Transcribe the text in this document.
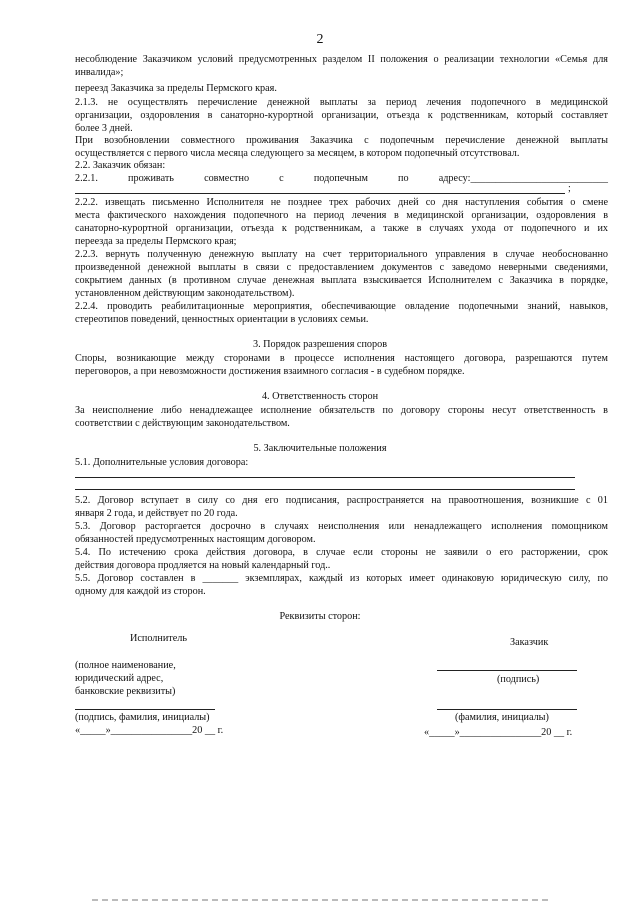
2
несоблюдение Заказчиком условий предусмотренных разделом II положения о реализации технологии «Семья для
инвалида»;
переезд Заказчика за пределы Пермского края.
2.1.3. не осуществлять перечисление денежной выплаты за период лечения подопечного в медицинской
организации, оздоровления в санаторно-курортной организации, отъезда к родственникам, который составляет
более 3 дней.
При возобновлении совместного проживания Заказчика с подопечным перечисление денежной выплаты
осуществляется с первого числа месяца следующего за месяцем, в котором подопечный отсутствовал.
2.2. Заказчик обязан:
2.2.1.	проживать	совместно	с	подопечным	по	адресу:___________________________
;
2.2.2. извещать письменно Исполнителя не позднее трех рабочих дней со дня наступления события о смене
места фактического нахождения подопечного на период лечения в медицинской организации, оздоровления в
санаторно-курортной организации, отъезда к родственникам, а также в случаях ухода от подопечного и их
переезда за пределы Пермского края;
2.2.3. вернуть полученную денежную выплату на счет территориального управления в случае необоснованно
произведенной денежной выплаты в связи с предоставлением документов с заведомо неверными сведениями,
сокрытием данных (в противном случае денежная выплата взыскивается Исполнителем с Заказчика в порядке,
установленном действующим законодательством).
2.2.4. проводить реабилитационные мероприятия, обеспечивающие овладение подопечными знаний, навыков,
стереотипов поведений, ценностных ориентации в условиях семьи.
3. Порядок разрешения споров
Споры, возникающие между сторонами в процессе исполнения настоящего договора, разрешаются путем
переговоров, а при невозможности достижения взаимного согласия - в судебном порядке.
4. Ответственность сторон
За неисполнение либо ненадлежащее исполнение обязательств по договору стороны несут ответственность в
соответствии с действующим законодательством.
5. Заключительные положения
5.1. Дополнительные условия договора:
5.2. Договор вступает в силу со дня его подписания, распространяется на правоотношения, возникшие с 01
января 2 года, и действует по 20 года.
5.3. Договор расторгается досрочно в случаях неисполнения или ненадлежащего исполнения помощником
обязанностей предусмотренных настоящим договором.
5.4. По истечению срока действия договора, в случае если стороны не заявили о его расторжении, срок
действия договора продляется на новый календарный год..
5.5. Договор составлен в _______ экземплярах, каждый из которых имеет одинаковую юридическую силу, по
одному для каждой из сторон.
Реквизиты сторон:
Исполнитель	Заказчик
(полное наименование,
юридический адрес,
банковские реквизиты)
(подпись)
(подпись, фамилия, инициалы)	(фамилия, инициалы)
«_____»________________20 __ г.	«_____»________________20 __ г.
